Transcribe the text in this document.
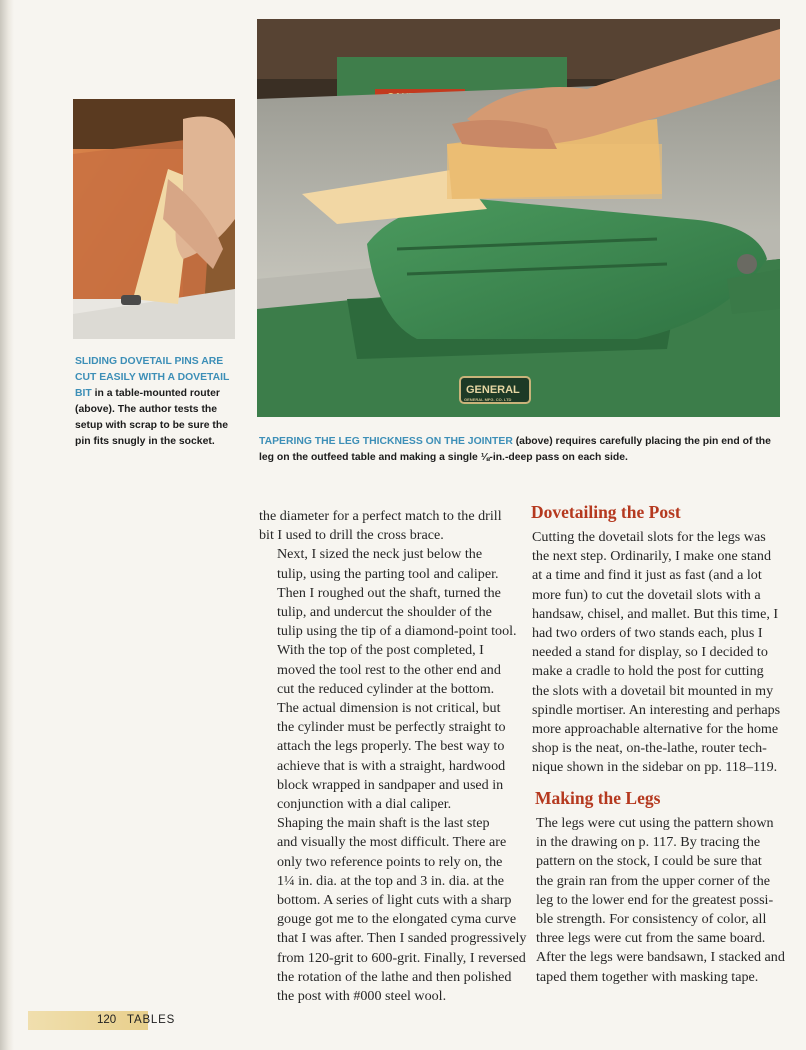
GENERAL
GENERAL MFG. CO. LTD
SLIDING DOVETAIL PINS ARE CUT EASILY WITH A DOVETAIL BIT in a table-mounted router (above). The author tests the setup with scrap to be sure the pin fits snugly in the socket.	TAPERING THE LEG THICKNESS ON THE JOINTER (above) requires carefully placing the pin end of the leg on the outfeed table and making a single ⅛-in.-deep pass on each side.

the diameter for a perfect match to the drill
bit I used to drill the cross brace.

Next, I sized the neck just below the
tulip, using the parting tool and caliper.
Then I roughed out the shaft, turned the
tulip, and undercut the shoulder of the
tulip using the tip of a diamond-point tool.
With the top of the post completed, I
moved the tool rest to the other end and
cut the reduced cylinder at the bottom.
The actual dimension is not critical, but
the cylinder must be perfectly straight to
attach the legs properly. The best way to
achieve that is with a straight, hardwood
block wrapped in sandpaper and used in
conjunction with a dial caliper.

Shaping the main shaft is the last step
and visually the most difficult. There are
only two reference points to rely on, the
1¼ in. dia. at the top and 3 in. dia. at the
bottom. A series of light cuts with a sharp
gouge got me to the elongated cyma curve
that I was after. Then I sanded progressively
from 120-grit to 600-grit. Finally, I reversed
the rotation of the lathe and then polished
the post with #000 steel wool.

Dovetailing the Post

Cutting the dovetail slots for the legs was
the next step. Ordinarily, I make one stand
at a time and find it just as fast (and a lot
more fun) to cut the dovetail slots with a
handsaw, chisel, and mallet. But this time, I
had two orders of two stands each, plus I
needed a stand for display, so I decided to
make a cradle to hold the post for cutting
the slots with a dovetail bit mounted in my
spindle mortiser. An interesting and perhaps
more approachable alternative for the home
shop is the neat, on-the-lathe, router tech-
nique shown in the sidebar on pp. 118–119.

Making the Legs

The legs were cut using the pattern shown
in the drawing on p. 117. By tracing the
pattern on the stock, I could be sure that
the grain ran from the upper corner of the
leg to the lower end for the greatest possi-
ble strength. For consistency of color, all
three legs were cut from the same board.
After the legs were bandsawn, I stacked and
taped them together with masking tape.

120 TABLES
